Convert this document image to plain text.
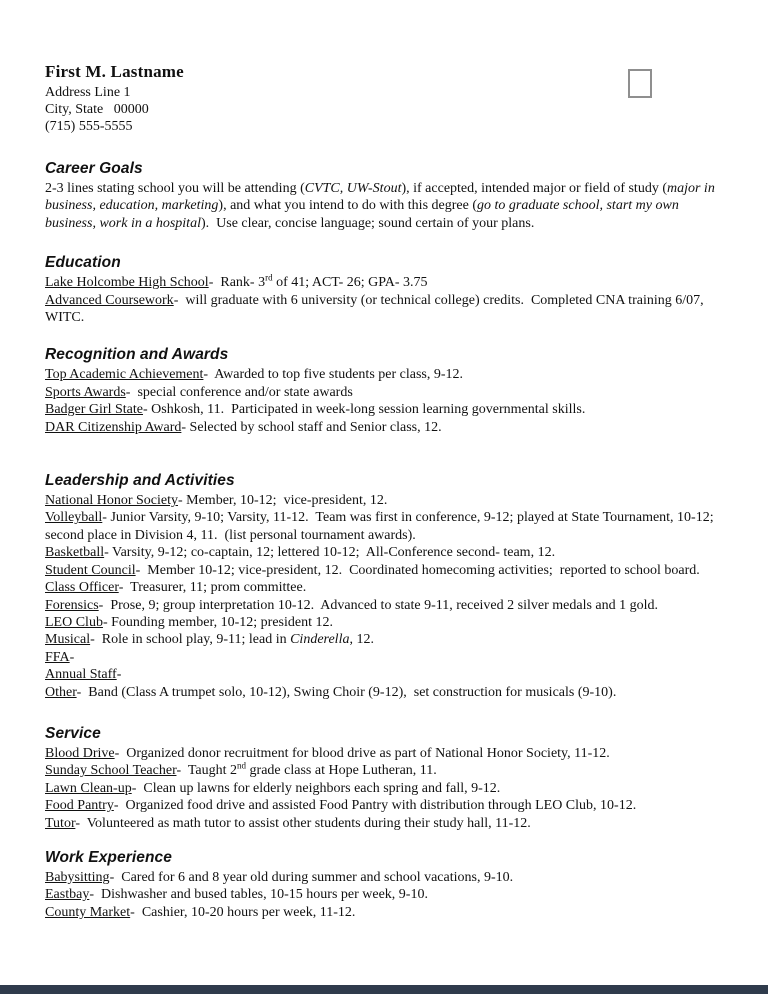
First M. Lastname
Address Line 1
City, State   00000
(715) 555-5555
Career Goals
2-3 lines stating school you will be attending (CVTC, UW-Stout), if accepted, intended major or field of study (major in business, education, marketing), and what you intend to do with this degree (go to graduate school, start my own business, work in a hospital).  Use clear, concise language; sound certain of your plans.
Education
Lake Holcombe High School-  Rank- 3rd of 41; ACT- 26; GPA- 3.75
Advanced Coursework-  will graduate with 6 university (or technical college) credits.  Completed CNA training 6/07, WITC.
Recognition and Awards
Top Academic Achievement-  Awarded to top five students per class, 9-12.
Sports Awards-  special conference and/or state awards
Badger Girl State- Oshkosh, 11.  Participated in week-long session learning governmental skills.
DAR Citizenship Award- Selected by school staff and Senior class, 12.
Leadership and Activities
National Honor Society- Member, 10-12;  vice-president, 12.
Volleyball- Junior Varsity, 9-10; Varsity, 11-12.  Team was first in conference, 9-12; played at State Tournament, 10-12;  second place in Division 4, 11.  (list personal tournament awards).
Basketball- Varsity, 9-12; co-captain, 12; lettered 10-12;  All-Conference second- team, 12.
Student Council-  Member 10-12; vice-president, 12.  Coordinated homecoming activities;  reported to school board.
Class Officer-  Treasurer, 11; prom committee.
Forensics-  Prose, 9; group interpretation 10-12.  Advanced to state 9-11, received 2 silver medals and 1 gold.
LEO Club- Founding member, 10-12; president 12.
Musical-  Role in school play, 9-11; lead in Cinderella, 12.
FFA-
Annual Staff-
Other-  Band (Class A trumpet solo, 10-12), Swing Choir (9-12),  set construction for musicals (9-10).
Service
Blood Drive-  Organized donor recruitment for blood drive as part of National Honor Society, 11-12.
Sunday School Teacher-  Taught 2nd grade class at Hope Lutheran, 11.
Lawn Clean-up-  Clean up lawns for elderly neighbors each spring and fall, 9-12.
Food Pantry-  Organized food drive and assisted Food Pantry with distribution through LEO Club, 10-12.
Tutor-  Volunteered as math tutor to assist other students during their study hall, 11-12.
Work Experience
Babysitting-  Cared for 6 and 8 year old during summer and school vacations, 9-10.
Eastbay-  Dishwasher and bused tables, 10-15 hours per week, 9-10.
County Market-  Cashier, 10-20 hours per week, 11-12.
